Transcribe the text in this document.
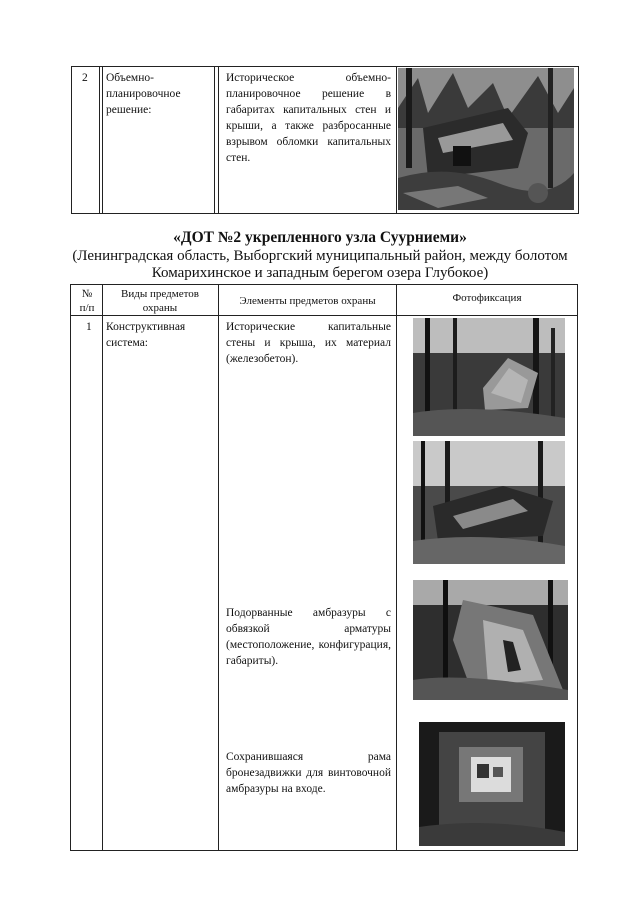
2 Объемно-планировочное решение:
Историческое объемно-планировочное решение в габаритах капитальных стен и крыши, а также разбросанные взрывом обломки капитальных стен.
«ДОТ №2 укрепленного узла Суурниеми»
(Ленинградская область, Выборгский муниципальный район, между болотом
Комарихинское и западным берегом озера Глубокое)
№
п/п
Виды предметов
охраны
Элементы предметов охраны	Фотофиксация
1 Конструктивная система:
Исторические капитальные стены и крыша, их материал (железобетон).
Подорванные амбразуры с обвязкой арматуры (местоположение, конфигурация, габариты).
Сохранившаяся рама бронезадвижки для винтовочной амбразуры на входе.
